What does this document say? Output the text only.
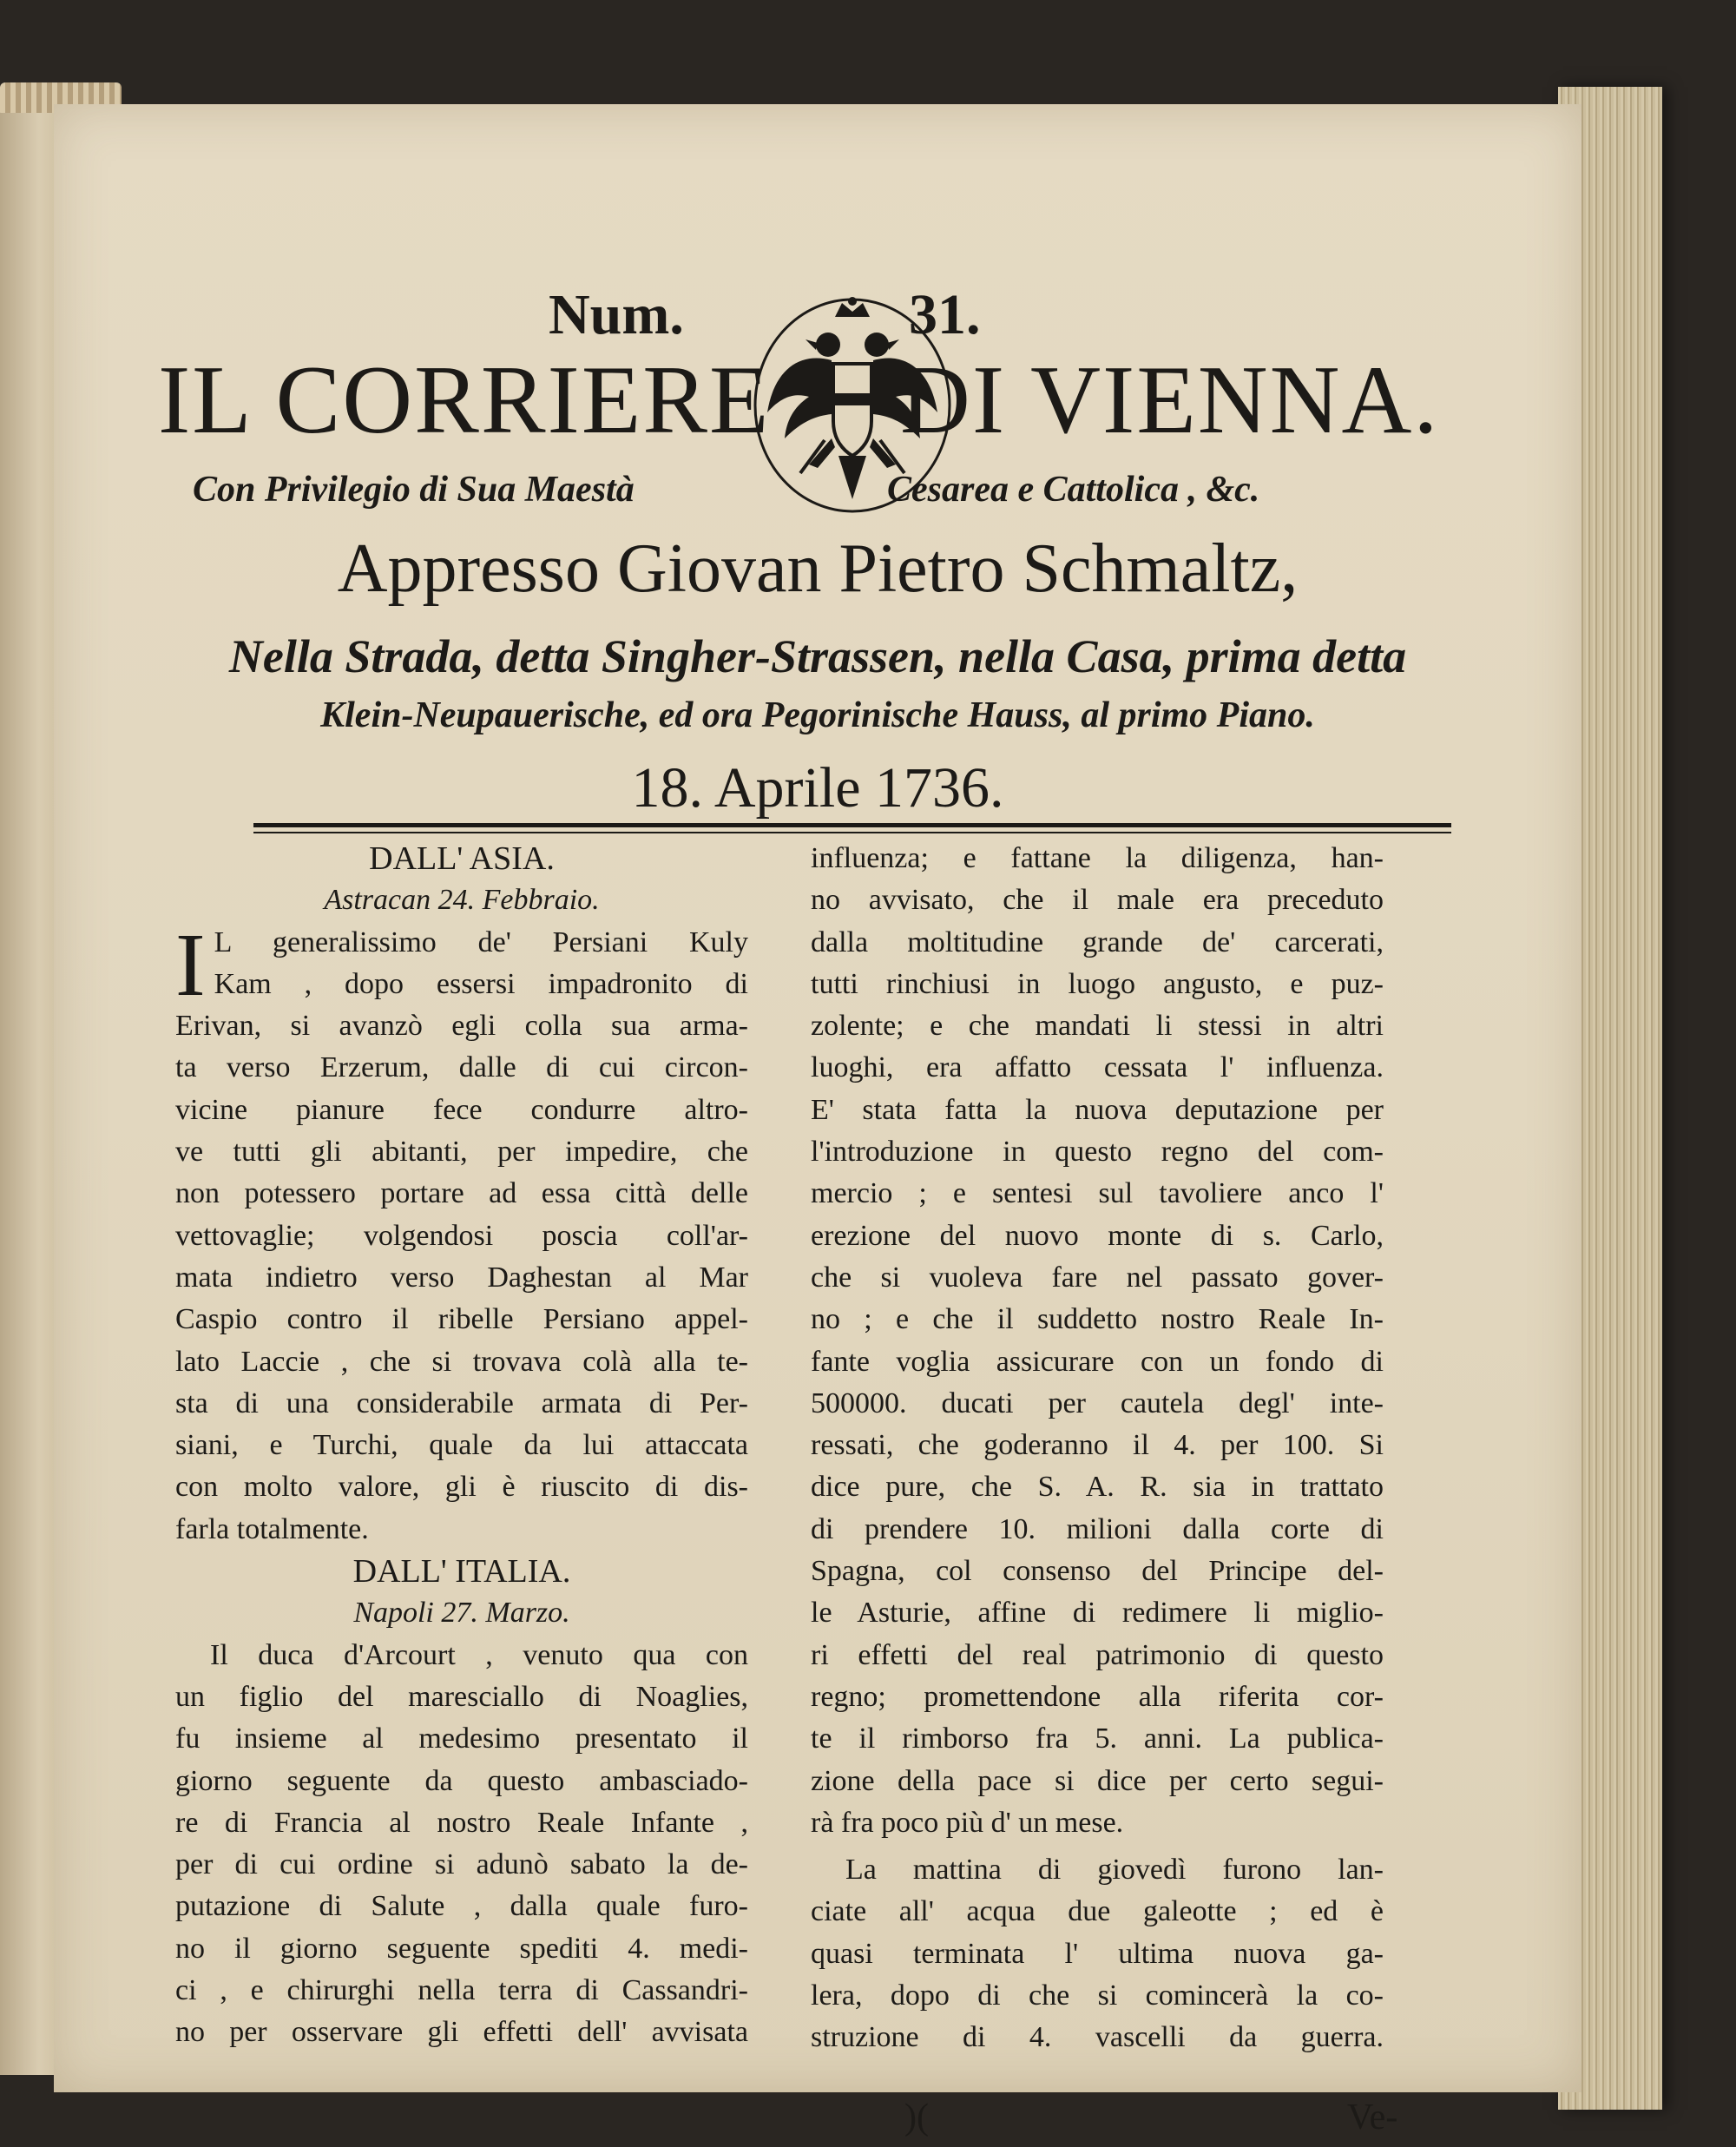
Num.	31.
IL CORRIERE DI VIENNA.
Con Privilegio di Sua Maestà	Cesarea e Cattolica , &c.
Appresso Giovan Pietro Schmaltz,
Nella Strada, detta Singher-Strassen, nella Casa, prima detta
Klein-Neupauerische, ed ora Pegorinische Hauss, al primo Piano.
18. Aprile 1736.
DALL' ASIA.
Astracan 24. Febbraio.
I L generalissimo de' Persiani Kuly
Kam , dopo essersi impadronito di
Erivan, si avanzò egli colla sua arma-
ta verso Erzerum, dalle di cui circon-
vicine pianure fece condurre altro-
ve tutti gli abitanti, per impedire, che
non potessero portare ad essa città delle
vettovaglie; volgendosi poscia coll'ar-
mata indietro verso Daghestan al Mar
Caspio contro il ribelle Persiano appel-
lato Laccie , che si trovava colà alla te-
sta di una considerabile armata di Per-
siani, e Turchi, quale da lui attaccata
con molto valore, gli è riuscito di dis-
farla totalmente.
DALL' ITALIA.
Napoli 27. Marzo.
Il duca d'Arcourt , venuto qua con
un figlio del maresciallo di Noaglies,
fu insieme al medesimo presentato il
giorno seguente da questo ambasciado-
re di Francia al nostro Reale Infante ,
per di cui ordine si adunò sabato la de-
putazione di Salute , dalla quale furo-
no il giorno seguente spediti 4. medi-
ci , e chirurghi nella terra di Cassandri-
no per osservare gli effetti dell' avvisata
influenza; e fattane la diligenza, han-
no avvisato, che il male era preceduto
dalla moltitudine grande de' carcerati,
tutti rinchiusi in luogo angusto, e puz-
zolente; e che mandati li stessi in altri
luoghi, era affatto cessata l' influenza.
E' stata fatta la nuova deputazione per
l'introduzione in questo regno del com-
mercio ; e sentesi sul tavoliere anco l'
erezione del nuovo monte di s. Carlo,
che si vuoleva fare nel passato gover-
no ; e che il suddetto nostro Reale In-
fante voglia assicurare con un fondo di
500000. ducati per cautela degl' inte-
ressati, che goderanno il 4. per 100. Si
dice pure, che S. A. R. sia in trattato
di prendere 10. milioni dalla corte di
Spagna, col consenso del Principe del-
le Asturie, affine di redimere li miglio-
ri effetti del real patrimonio di questo
regno; promettendone alla riferita cor-
te il rimborso fra 5. anni. La publica-
zione della pace si dice per certo segui-
rà fra poco più d' un mese.
La mattina di giovedì furono lan-
ciate all' acqua due galeotte ; ed è
quasi terminata l' ultima nuova ga-
lera, dopo di che si comincerà la co-
struzione di 4. vascelli da guerra.
)(	Ve-
